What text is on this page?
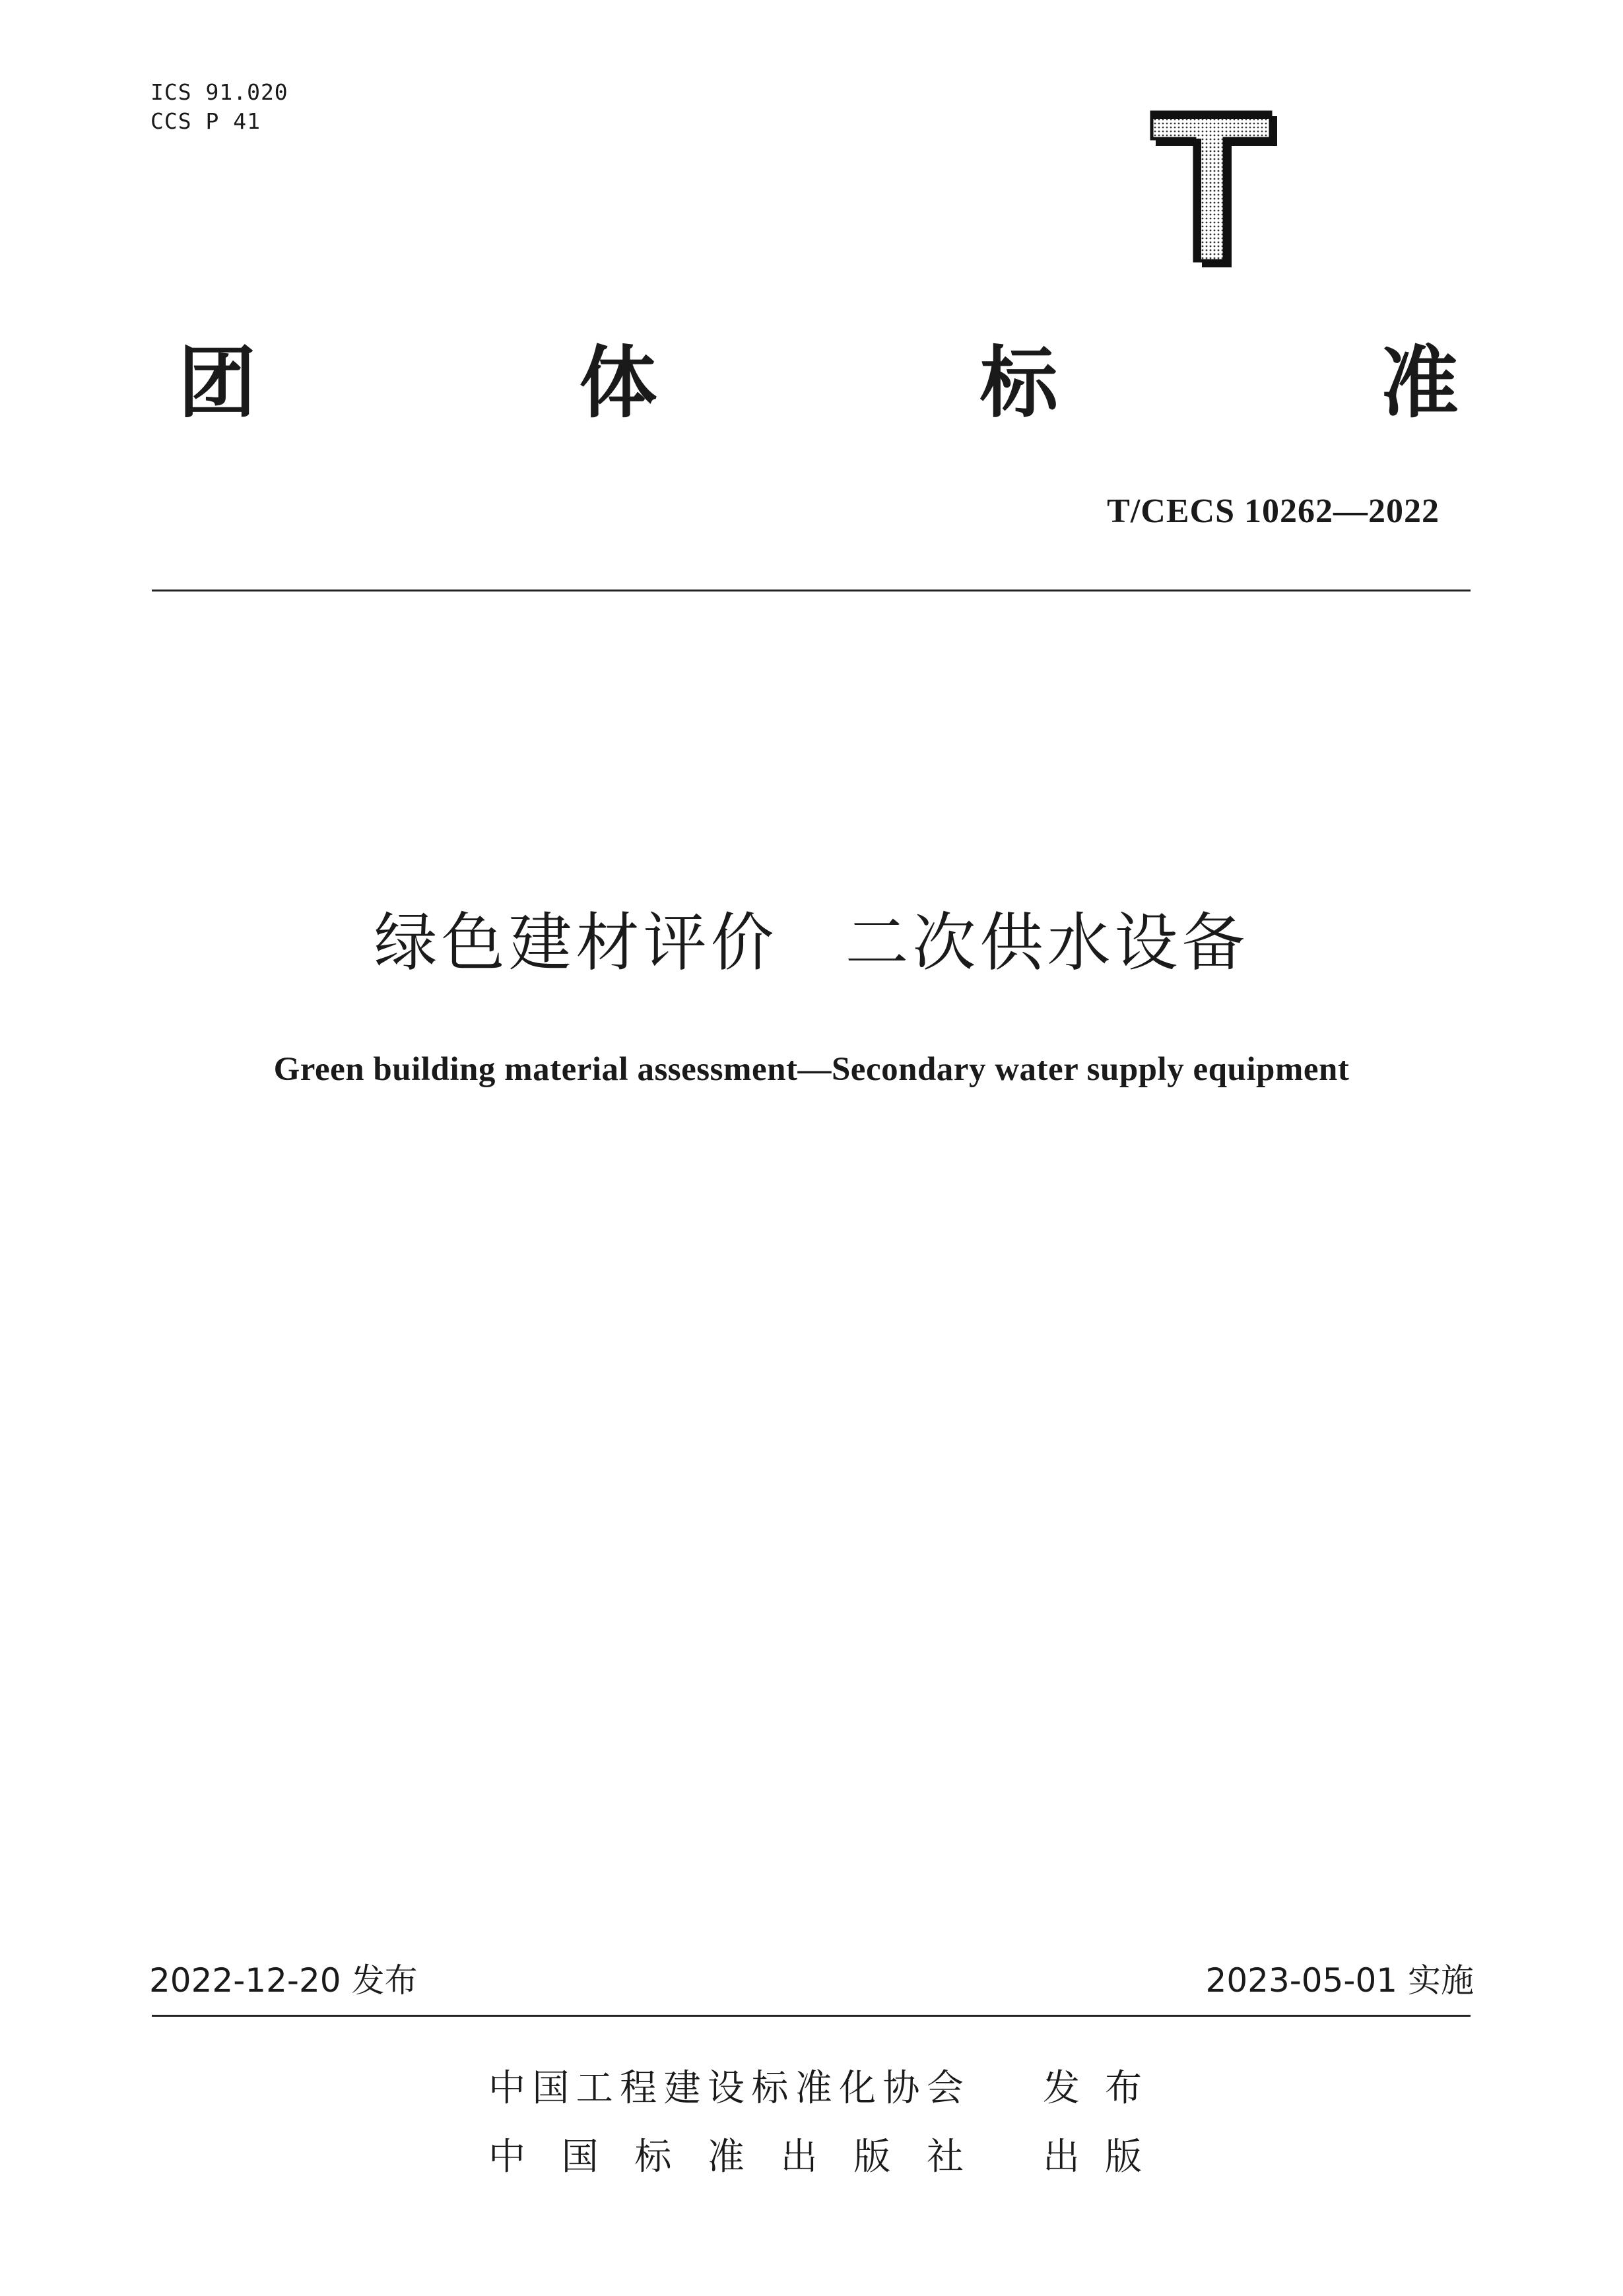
ICS 91.020
CCS P 41
团	体	标	准
T/CECS 10262—2022
绿色建材评价　二次供水设备
Green building material assessment—Secondary water supply equipment
2022-12-20 发布	2023-05-01 实施
中 国 工 程 建 设 标 准 化 协 会 发 布
中 国 标 准 出 版 社 出 版
